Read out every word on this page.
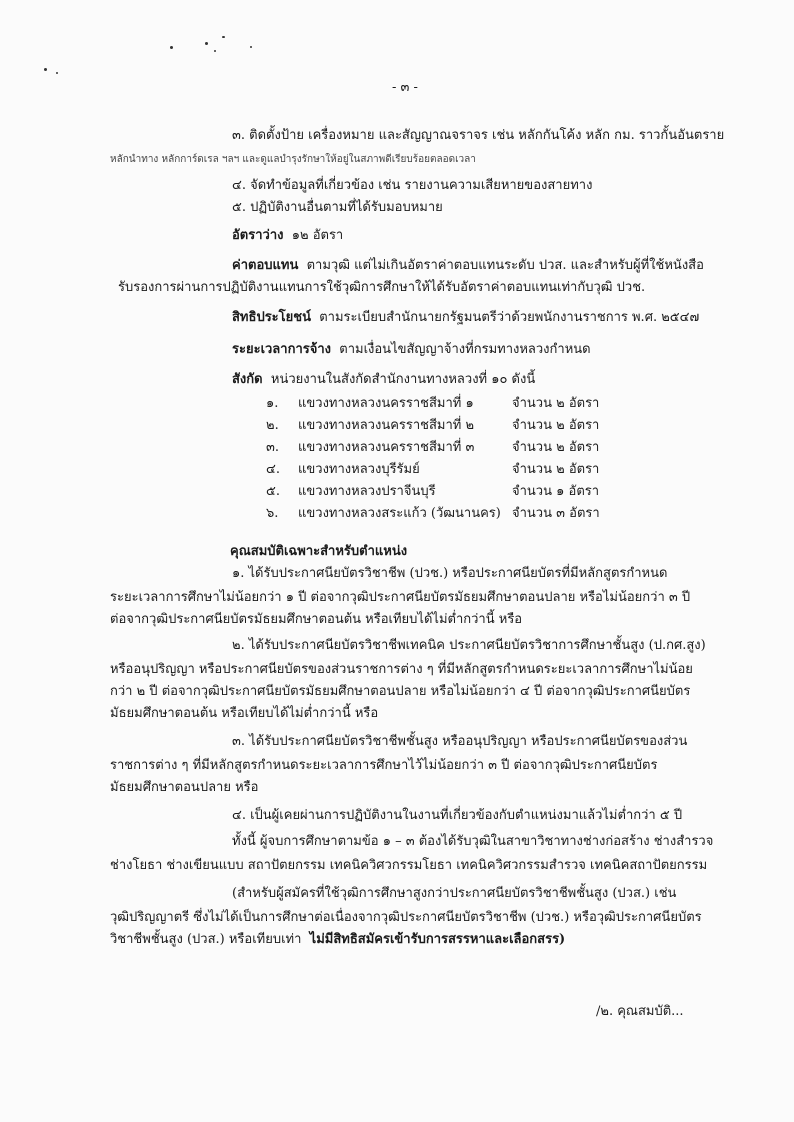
- ๓ -
๓. ติดตั้งป้าย เครื่องหมาย และสัญญาณจราจร เช่น หลักกันโค้ง หลัก กม. ราวกั้นอันตราย
หลักนำทาง หลักการ์ดเรล ฯลฯ และดูแลบำรุงรักษาให้อยู่ในสภาพดีเรียบร้อยตลอดเวลา
๔. จัดทำข้อมูลที่เกี่ยวข้อง เช่น รายงานความเสียหายของสายทาง
๕. ปฏิบัติงานอื่นตามที่ได้รับมอบหมาย
อัตราว่าง ๑๒ อัตรา
ค่าตอบแทน ตามวุฒิ แต่ไม่เกินอัตราค่าตอบแทนระดับ ปวส. และสำหรับผู้ที่ใช้หนังสือ
รับรองการผ่านการปฏิบัติงานแทนการใช้วุฒิการศึกษาให้ได้รับอัตราค่าตอบแทนเท่ากับวุฒิ ปวช.
สิทธิประโยชน์ ตามระเบียบสำนักนายกรัฐมนตรีว่าด้วยพนักงานราชการ พ.ศ. ๒๕๔๗
ระยะเวลาการจ้าง ตามเงื่อนไขสัญญาจ้างที่กรมทางหลวงกำหนด
สังกัด หน่วยงานในสังกัดสำนักงานทางหลวงที่ ๑๐ ดังนี้
๑. แขวงทางหลวงนครราชสีมาที่ ๑	จำนวน ๒ อัตรา
๒. แขวงทางหลวงนครราชสีมาที่ ๒	จำนวน ๒ อัตรา
๓. แขวงทางหลวงนครราชสีมาที่ ๓	จำนวน ๒ อัตรา
๔. แขวงทางหลวงบุรีรัมย์	จำนวน ๒ อัตรา
๕. แขวงทางหลวงปราจีนบุรี	จำนวน ๑ อัตรา
๖. แขวงทางหลวงสระแก้ว (วัฒนานคร) จำนวน ๓ อัตรา
คุณสมบัติเฉพาะสำหรับตำแหน่ง
๑. ได้รับประกาศนียบัตรวิชาชีพ (ปวช.) หรือประกาศนียบัตรที่มีหลักสูตรกำหนด
ระยะเวลาการศึกษาไม่น้อยกว่า ๑ ปี ต่อจากวุฒิประกาศนียบัตรมัธยมศึกษาตอนปลาย หรือไม่น้อยกว่า ๓ ปี
ต่อจากวุฒิประกาศนียบัตรมัธยมศึกษาตอนต้น หรือเทียบได้ไม่ต่ำกว่านี้ หรือ
๒. ได้รับประกาศนียบัตรวิชาชีพเทคนิค ประกาศนียบัตรวิชาการศึกษาชั้นสูง (ป.กศ.สูง)
หรืออนุปริญญา หรือประกาศนียบัตรของส่วนราชการต่าง ๆ ที่มีหลักสูตรกำหนดระยะเวลาการศึกษาไม่น้อย
กว่า ๒ ปี ต่อจากวุฒิประกาศนียบัตรมัธยมศึกษาตอนปลาย หรือไม่น้อยกว่า ๔ ปี ต่อจากวุฒิประกาศนียบัตร
มัธยมศึกษาตอนต้น หรือเทียบได้ไม่ต่ำกว่านี้ หรือ
๓. ได้รับประกาศนียบัตรวิชาชีพชั้นสูง หรืออนุปริญญา หรือประกาศนียบัตรของส่วน
ราชการต่าง ๆ ที่มีหลักสูตรกำหนดระยะเวลาการศึกษาไว้ไม่น้อยกว่า ๓ ปี ต่อจากวุฒิประกาศนียบัตร
มัธยมศึกษาตอนปลาย หรือ
๔. เป็นผู้เคยผ่านการปฏิบัติงานในงานที่เกี่ยวข้องกับตำแหน่งมาแล้วไม่ต่ำกว่า ๕ ปี
ทั้งนี้ ผู้จบการศึกษาตามข้อ ๑ – ๓ ต้องได้รับวุฒิในสาขาวิชาทางช่างก่อสร้าง ช่างสำรวจ
ช่างโยธา ช่างเขียนแบบ สถาปัตยกรรม เทคนิควิศวกรรมโยธา เทคนิควิศวกรรมสำรวจ เทคนิคสถาปัตยกรรม
(สำหรับผู้สมัครที่ใช้วุฒิการศึกษาสูงกว่าประกาศนียบัตรวิชาชีพชั้นสูง (ปวส.) เช่น
วุฒิปริญญาตรี ซึ่งไม่ได้เป็นการศึกษาต่อเนื่องจากวุฒิประกาศนียบัตรวิชาชีพ (ปวช.) หรือวุฒิประกาศนียบัตร
วิชาชีพชั้นสูง (ปวส.) หรือเทียบเท่า ไม่มีสิทธิสมัครเข้ารับการสรรหาและเลือกสรร)
/๒. คุณสมบัติ...
